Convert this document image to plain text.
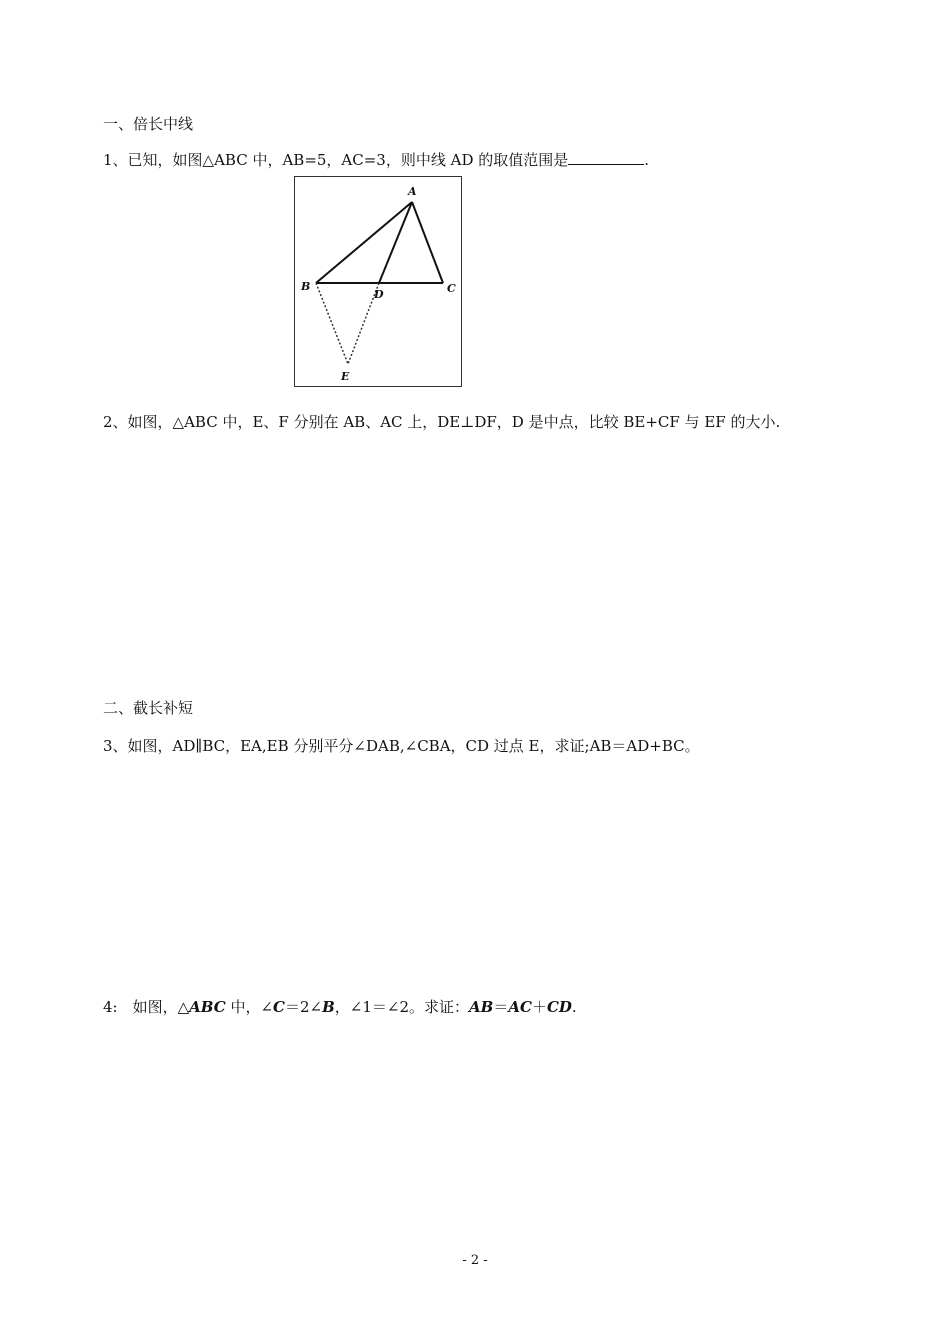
一、倍长中线
1、已知，如图△ABC 中，AB=5，AC=3，则中线 AD 的取值范围是	.
A
B	C
D
E
2、如图，△ABC 中，E、F 分别在 AB、AC 上，DE⊥DF，D 是中点，比较 BE+CF 与 EF 的大小.
二、截长补短
3、如图，AD∥BC，EA,EB 分别平分∠DAB,∠CBA，CD 过点 E，求证;AB＝AD+BC。
4:　如图，△ABC 中，∠C＝2∠B，∠1＝∠2。求证：AB＝AC＋CD.
- 2 -
